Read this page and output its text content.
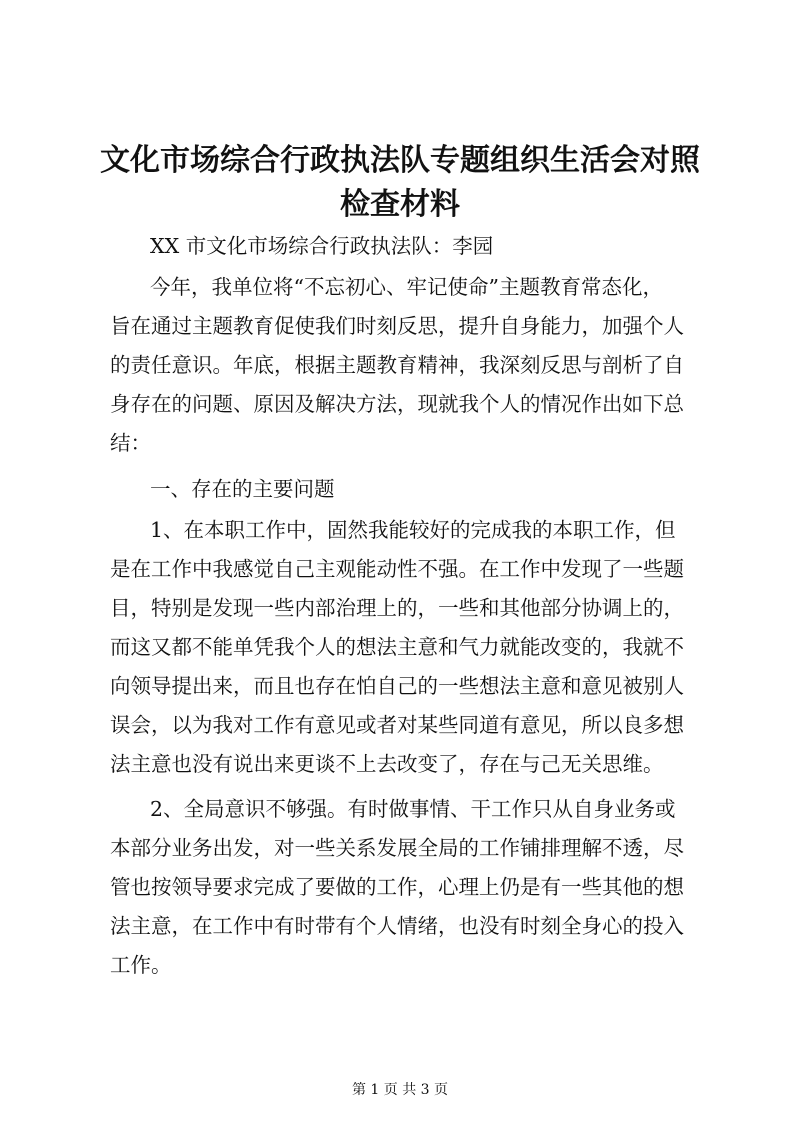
文化市场综合行政执法队专题组织生活会对照
检查材料

XX 市文化市场综合行政执法队：李园

今年，我单位将“不忘初心、牢记使命”主题教育常态化，

旨在通过主题教育促使我们时刻反思，提升自身能力，加强个人

的责任意识。年底，根据主题教育精神，我深刻反思与剖析了自

身存在的问题、原因及解决方法，现就我个人的情况作出如下总

结：

一、存在的主要问题

1、在本职工作中，固然我能较好的完成我的本职工作，但

是在工作中我感觉自己主观能动性不强。在工作中发现了一些题

目，特别是发现一些内部治理上的，一些和其他部分协调上的，

而这又都不能单凭我个人的想法主意和气力就能改变的，我就不

向领导提出来，而且也存在怕自己的一些想法主意和意见被别人

误会，以为我对工作有意见或者对某些同道有意见，所以良多想

法主意也没有说出来更谈不上去改变了，存在与己无关思维。

2、全局意识不够强。有时做事情、干工作只从自身业务或

本部分业务出发，对一些关系发展全局的工作铺排理解不透，尽

管也按领导要求完成了要做的工作，心理上仍是有一些其他的想

法主意，在工作中有时带有个人情绪，也没有时刻全身心的投入

工作。

第 1 页 共 3 页
